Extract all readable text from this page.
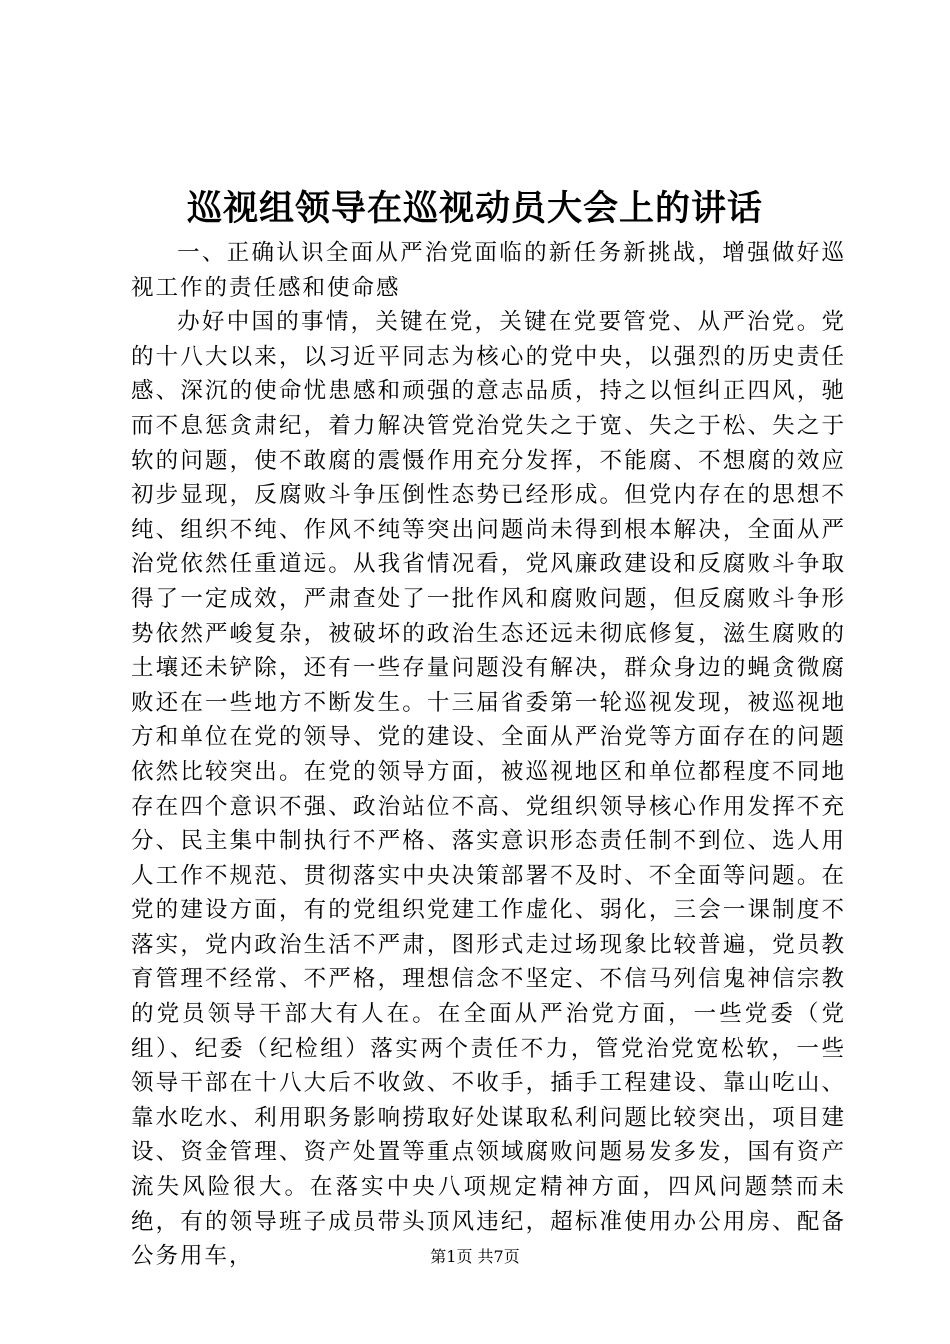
巡视组领导在巡视动员大会上的讲话

一、正确认识全面从严治党面临的新任务新挑战，增强做好巡视工作的责任感和使命感

办好中国的事情，关键在党，关键在党要管党、从严治党。党的十八大以来，以习近平同志为核心的党中央，以强烈的历史责任感、深沉的使命忧患感和顽强的意志品质，持之以恒纠正四风，驰而不息惩贪肃纪，着力解决管党治党失之于宽、失之于松、失之于软的问题，使不敢腐的震慑作用充分发挥，不能腐、不想腐的效应初步显现，反腐败斗争压倒性态势已经形成。但党内存在的思想不纯、组织不纯、作风不纯等突出问题尚未得到根本解决，全面从严治党依然任重道远。从我省情况看，党风廉政建设和反腐败斗争取得了一定成效，严肃查处了一批作风和腐败问题，但反腐败斗争形势依然严峻复杂，被破坏的政治生态还远未彻底修复，滋生腐败的土壤还未铲除，还有一些存量问题没有解决，群众身边的蝇贪微腐败还在一些地方不断发生。十三届省委第一轮巡视发现，被巡视地方和单位在党的领导、党的建设、全面从严治党等方面存在的问题依然比较突出。在党的领导方面，被巡视地区和单位都程度不同地存在四个意识不强、政治站位不高、党组织领导核心作用发挥不充分、民主集中制执行不严格、落实意识形态责任制不到位、选人用人工作不规范、贯彻落实中央决策部署不及时、不全面等问题。在党的建设方面，有的党组织党建工作虚化、弱化，三会一课制度不落实，党内政治生活不严肃，图形式走过场现象比较普遍，党员教育管理不经常、不严格，理想信念不坚定、不信马列信鬼神信宗教的党员领导干部大有人在。在全面从严治党方面，一些党委（党组）、纪委（纪检组）落实两个责任不力，管党治党宽松软，一些领导干部在十八大后不收敛、不收手，插手工程建设、靠山吃山、靠水吃水、利用职务影响捞取好处谋取私利问题比较突出，项目建设、资金管理、资产处置等重点领域腐败问题易发多发，国有资产流失风险很大。在落实中央八项规定精神方面，四风问题禁而未绝，有的领导班子成员带头顶风违纪，超标准使用办公用房、配备公务用车，	第1页 共7页
